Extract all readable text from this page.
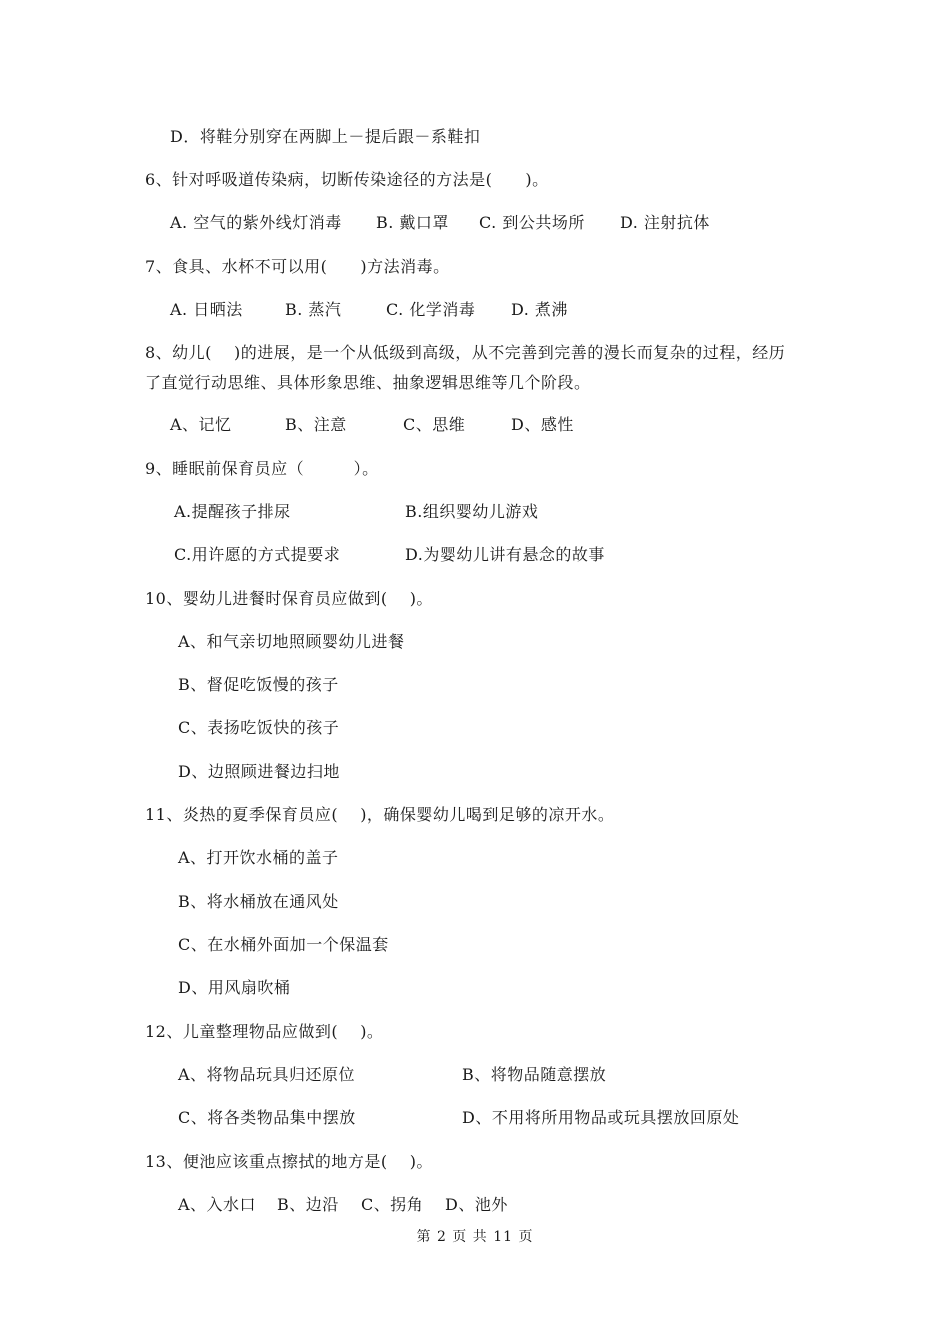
D．将鞋分别穿在两脚上－提后跟－系鞋扣
6、针对呼吸道传染病，切断传染途径的方法是(　　)。
A. 空气的紫外线灯消毒 B. 戴口罩 C. 到公共场所 D. 注射抗体
7、食具、水杯不可以用(　　)方法消毒。
A. 日晒法	B. 蒸汽	C. 化学消毒 D. 煮沸
8、幼儿(　 )的进展，是一个从低级到高级，从不完善到完善的漫长而复杂的过程，经历
了直觉行动思维、具体形象思维、抽象逻辑思维等几个阶段。
A、记忆	B、注意	C、思维	D、感性
9、睡眠前保育员应（　　　）。
A.提醒孩子排尿	B.组织婴幼儿游戏
C.用许愿的方式提要求	D.为婴幼儿讲有悬念的故事
10、婴幼儿进餐时保育员应做到(　 )。
A、和气亲切地照顾婴幼儿进餐
B、督促吃饭慢的孩子
C、表扬吃饭快的孩子
D、边照顾进餐边扫地
11、炎热的夏季保育员应(　 )，确保婴幼儿喝到足够的凉开水。
A、打开饮水桶的盖子
B、将水桶放在通风处
C、在水桶外面加一个保温套
D、用风扇吹桶
12、儿童整理物品应做到(　 )。
A、将物品玩具归还原位	B、将物品随意摆放
C、将各类物品集中摆放	D、不用将所用物品或玩具摆放回原处
13、便池应该重点擦拭的地方是(　 )。
A、入水口 B、边沿 C、拐角 D、池外
第 2 页 共 11 页
